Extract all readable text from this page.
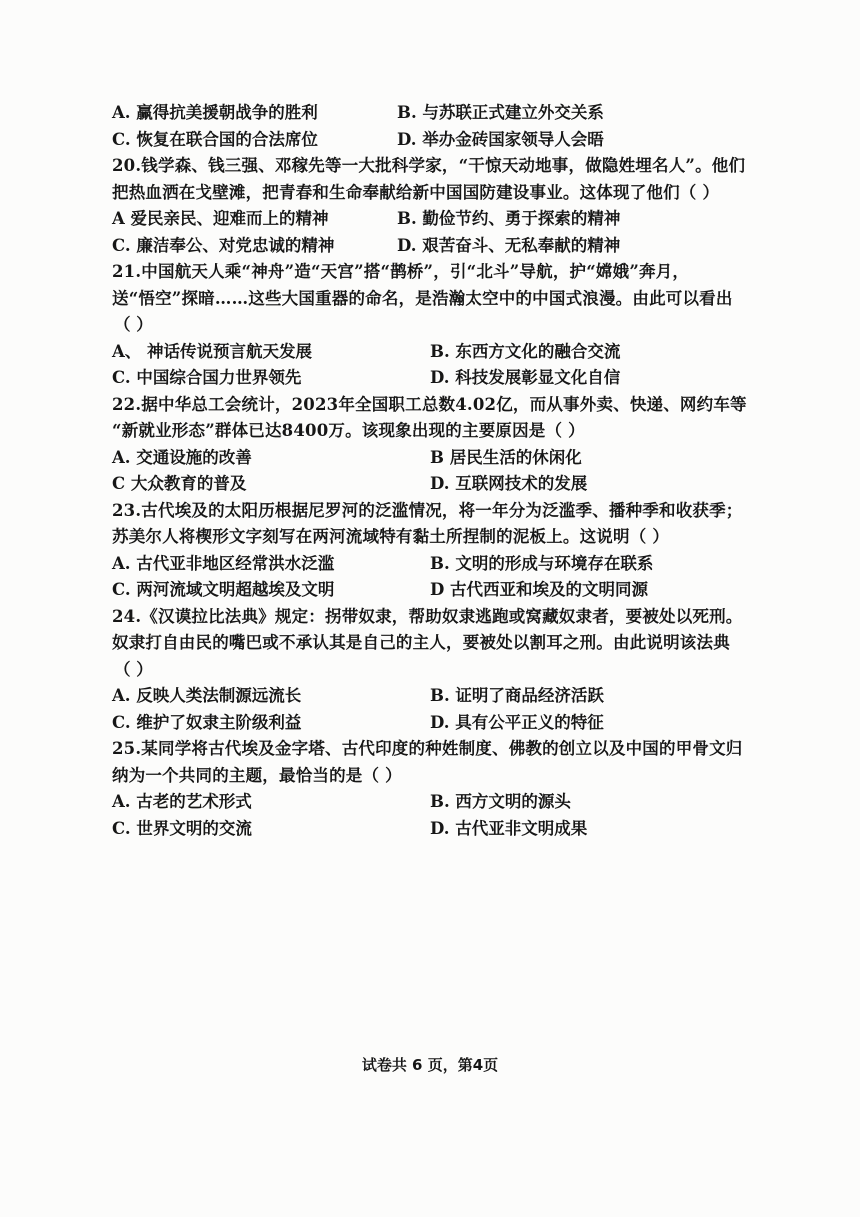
A. 赢得抗美援朝战争的胜利	B. 与苏联正式建立外交关系
C. 恢复在联合国的合法席位	D. 举办金砖国家领导人会晤
20.钱学森、钱三强、邓稼先等一大批科学家，“干惊天动地事，做隐姓埋名人”。他们
把热血洒在戈壁滩，把青春和生命奉献给新中国国防建设事业。这体现了他们（ ）
A 爱民亲民、迎难而上的精神	B. 勤俭节约、勇于探索的精神
C. 廉洁奉公、对党忠诚的精神	D. 艰苦奋斗、无私奉献的精神
21.中国航天人乘“神舟”造“天宫”搭“鹊桥”，引“北斗”导航，护“嫦娥”奔月，
送“悟空”探暗……这些大国重器的命名，是浩瀚太空中的中国式浪漫。由此可以看出
（ ）
A、 神话传说预言航天发展	B. 东西方文化的融合交流
C. 中国综合国力世界领先	D. 科技发展彰显文化自信
22.据中华总工会统计，2023年全国职工总数4.02亿，而从事外卖、快递、网约车等
“新就业形态”群体已达8400万。该现象出现的主要原因是（ ）
A. 交通设施的改善	B 居民生活的休闲化
C 大众教育的普及	D. 互联网技术的发展
23.古代埃及的太阳历根据尼罗河的泛滥情况，将一年分为泛滥季、播种季和收获季；
苏美尔人将楔形文字刻写在两河流域特有黏土所捏制的泥板上。这说明（ ）
A. 古代亚非地区经常洪水泛滥	B. 文明的形成与环境存在联系
C. 两河流域文明超越埃及文明	D 古代西亚和埃及的文明同源
24.《汉谟拉比法典》规定：拐带奴隶，帮助奴隶逃跑或窝藏奴隶者，要被处以死刑。
奴隶打自由民的嘴巴或不承认其是自己的主人，要被处以割耳之刑。由此说明该法典
（ ）
A. 反映人类法制源远流长	B. 证明了商品经济活跃
C. 维护了奴隶主阶级利益	D. 具有公平正义的特征
25.某同学将古代埃及金字塔、古代印度的种姓制度、佛教的创立以及中国的甲骨文归
纳为一个共同的主题，最恰当的是（ ）
A. 古老的艺术形式	B. 西方文明的源头
C. 世界文明的交流	D. 古代亚非文明成果
试卷共 6 页，第4页
